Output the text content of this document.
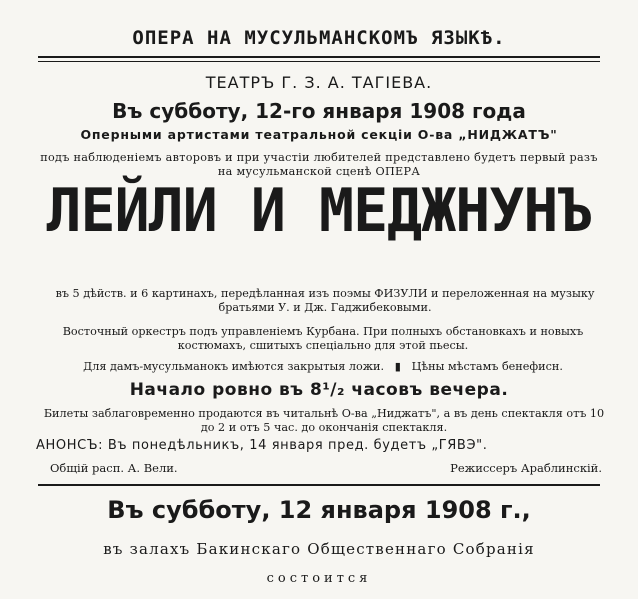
ОПЕРА НА МУСУЛЬМАНСКОМЪ ЯЗЫКѢ.
ТЕАТРЪ Г. З. А. ТАГІЕВА.
Въ субботу, 12-го января 1908 года
Оперными артистами театральной секціи О-ва „НИДЖАТЪ"
подъ наблюденіемъ авторовъ и при участіи любителей представлено будетъ первый разъ на мусульманской сценѣ ОПЕРА
ЛЕЙЛИ И МЕДЖНУНЪ
въ 5 дѣйств. и 6 картинахъ, передѣланная изъ поэмы ФИЗУЛИ и переложенная на музыку братьями У. и Дж. Гаджибековыми.
Восточный оркестръ подъ управленіемъ Курбана. При полныхъ обстановкахъ и новыхъ костюмахъ, сшитыхъ спеціально для этой пьесы.
Для дамъ-мусульманокъ имѣются закрытыя ложи.   ▮   Цѣны мѣстамъ бенефисн.
Начало ровно въ 8¹/₂ часовъ вечера.
Билеты заблаговременно продаются въ читальнѣ О-ва „Ниджатъ", а въ день спектакля отъ 10 до 2 и отъ 5 час. до окончанія спектакля.
АНОНСЪ: Въ понедѣльникъ, 14 января пред. будетъ „ГЯВЭ".
Общій расп. А. Вели.	Режиссеръ Араблинскій.
Въ субботу, 12 января 1908 г.,
въ залахъ Бакинскаго Общественнаго Собранія
состоится
